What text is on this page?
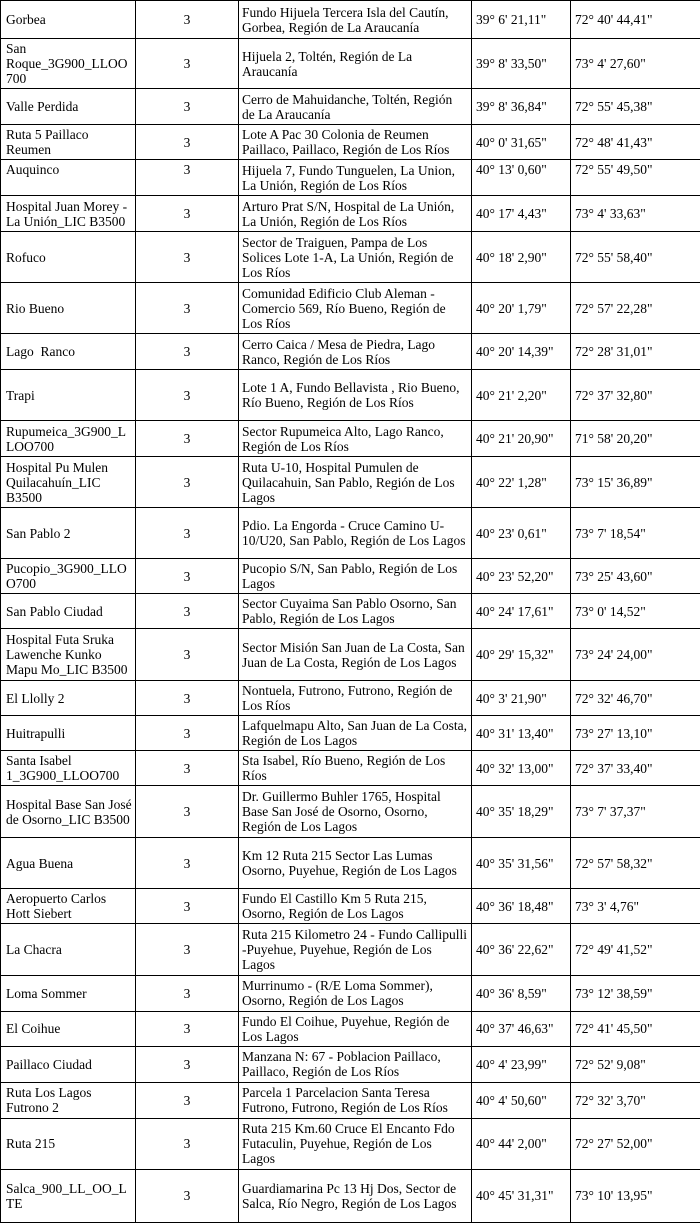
Gorbea	3	Fundo Hijuela Tercera Isla del Cautín, Gorbea, Región de La Araucanía	39° 6' 21,11"	72° 40' 44,41"
San Roque_3G900_LLOO700	3	Hijuela 2, Toltén, Región de La Araucanía	39° 8' 33,50"	73° 4' 27,60"
Valle Perdida	3	Cerro de Mahuidanche, Toltén, Región de La Araucanía	39° 8' 36,84"	72° 55' 45,38"
Ruta 5 Paillaco Reumen	3	Lote A Pac 30 Colonia de Reumen Paillaco, Paillaco, Región de Los Ríos	40° 0' 31,65"	72° 48' 41,43"
Auquinco	3	Hijuela 7, Fundo Tunguelen, La Union, La Unión, Región de Los Ríos	40° 13' 0,60"	72° 55' 49,50"
Hospital Juan Morey - La Unión_LIC B3500	3	Arturo Prat S/N, Hospital de La Unión, La Unión, Región de Los Ríos	40° 17' 4,43"	73° 4' 33,63"
Rofuco	3	Sector de Traiguen, Pampa de Los Solices Lote 1-A, La Unión, Región de Los Ríos	40° 18' 2,90"	72° 55' 58,40"
Rio Bueno	3	Comunidad Edificio Club Aleman - Comercio 569, Río Bueno, Región de Los Ríos	40° 20' 1,79"	72° 57' 22,28"
Lago  Ranco	3	Cerro Caica / Mesa de Piedra, Lago Ranco, Región de Los Ríos	40° 20' 14,39"	72° 28' 31,01"
Trapi	3	Lote 1 A, Fundo Bellavista , Rio Bueno, Río Bueno, Región de Los Ríos	40° 21' 2,20"	72° 37' 32,80"
Rupumeica_3G900_LLOO700	3	Sector Rupumeica Alto, Lago Ranco, Región de Los Ríos	40° 21' 20,90"	71° 58' 20,20"
Hospital Pu Mulen Quilacahuín_LIC B3500	3	Ruta U-10, Hospital Pumulen de Quilacahuin, San Pablo, Región de Los Lagos	40° 22' 1,28"	73° 15' 36,89"
San Pablo 2	3	Pdio. La Engorda - Cruce Camino U-10/U20, San Pablo, Región de Los Lagos	40° 23' 0,61"	73° 7' 18,54"
Pucopio_3G900_LLOO700	3	Pucopio S/N, San Pablo, Región de Los Lagos	40° 23' 52,20"	73° 25' 43,60"
San Pablo Ciudad	3	Sector Cuyaima San Pablo Osorno, San Pablo, Región de Los Lagos	40° 24' 17,61"	73° 0' 14,52"
Hospital Futa Sruka Lawenche Kunko Mapu Mo_LIC B3500	3	Sector Misión San Juan de La Costa, San Juan de La Costa, Región de Los Lagos	40° 29' 15,32"	73° 24' 24,00"
El Llolly 2	3	Nontuela, Futrono, Futrono, Región de Los Ríos	40° 3' 21,90"	72° 32' 46,70"
Huitrapulli	3	Lafquelmapu Alto, San Juan de La Costa, Región de Los Lagos	40° 31' 13,40"	73° 27' 13,10"
Santa Isabel 1_3G900_LLOO700	3	Sta Isabel, Río Bueno, Región de Los Ríos	40° 32' 13,00"	72° 37' 33,40"
Hospital Base San José de Osorno_LIC B3500	3	Dr. Guillermo Buhler 1765, Hospital Base San José de Osorno, Osorno, Región de Los Lagos	40° 35' 18,29"	73° 7' 37,37"
Agua Buena	3	Km 12 Ruta 215 Sector Las Lumas Osorno, Puyehue, Región de Los Lagos	40° 35' 31,56"	72° 57' 58,32"
Aeropuerto Carlos Hott Siebert	3	Fundo El Castillo Km 5 Ruta 215, Osorno, Región de Los Lagos	40° 36' 18,48"	73° 3' 4,76"
La Chacra	3	Ruta 215 Kilometro 24 - Fundo Callipulli -Puyehue, Puyehue, Región de Los Lagos	40° 36' 22,62"	72° 49' 41,52"
Loma Sommer	3	Murrinumo - (R/E Loma Sommer), Osorno, Región de Los Lagos	40° 36' 8,59"	73° 12' 38,59"
El Coihue	3	Fundo El Coihue, Puyehue, Región de Los Lagos	40° 37' 46,63"	72° 41' 45,50"
Paillaco Ciudad	3	Manzana N: 67 - Poblacion Paillaco, Paillaco, Región de Los Ríos	40° 4' 23,99"	72° 52' 9,08"
Ruta Los Lagos Futrono 2	3	Parcela 1 Parcelacion Santa Teresa Futrono, Futrono, Región de Los Ríos	40° 4' 50,60"	72° 32' 3,70"
Ruta 215	3	Ruta 215 Km.60 Cruce El Encanto Fdo Futaculin, Puyehue, Región de Los Lagos	40° 44' 2,00"	72° 27' 52,00"
Salca_900_LL_OO_LTE	3	Guardiamarina Pc 13 Hj Dos, Sector de Salca, Río Negro, Región de Los Lagos	40° 45' 31,31"	73° 10' 13,95"
